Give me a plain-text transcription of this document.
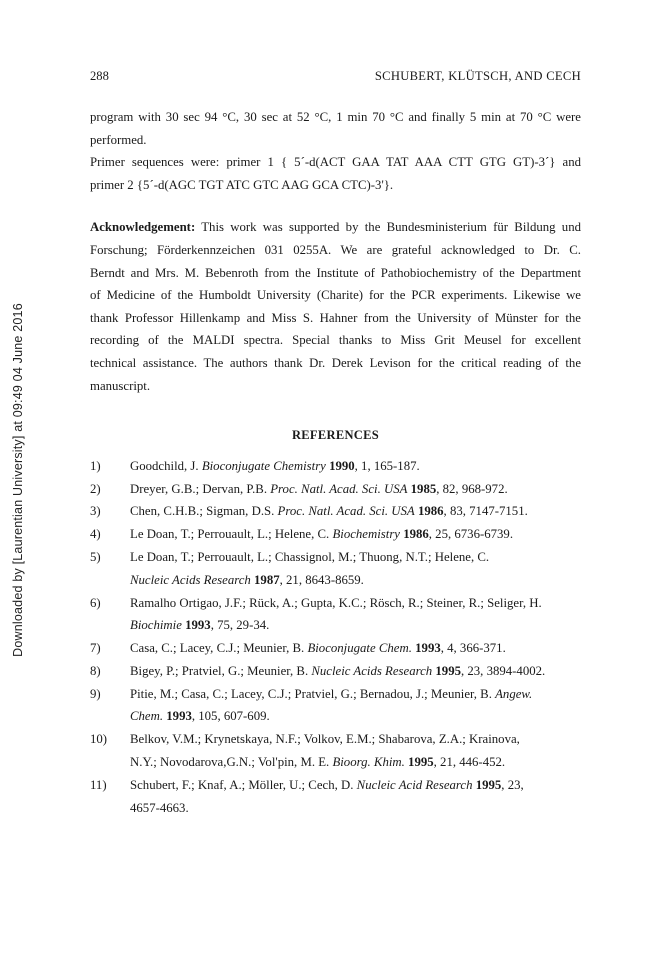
Downloaded by [Laurentian University] at 09:49 04 June 2016
288	SCHUBERT, KLÜTSCH, AND CECH
program with 30 sec 94 °C, 30 sec at 52 °C, 1 min 70 °C and finally 5 min at 70 °C were
performed.
Primer sequences were: primer 1 { 5´-d(ACT GAA TAT AAA CTT GTG GT)-3´} and
primer 2 {5´-d(AGC TGT ATC GTC AAG GCA CTC)-3'}.
Acknowledgement: This work was supported by the Bundesministerium für Bildung und
Forschung; Förderkennzeichen 031 0255A. We are grateful acknowledged to Dr. C.
Berndt and Mrs. M. Bebenroth from the Institute of Pathobiochemistry of the Department
of Medicine of the Humboldt University (Charite) for the PCR experiments. Likewise we
thank Professor Hillenkamp and Miss S. Hahner from the University of Münster for the
recording of the MALDI spectra. Special thanks to Miss Grit Meusel for excellent
technical assistance. The authors thank Dr. Derek Levison for the critical reading of the
manuscript.
REFERENCES
1)	Goodchild, J. Bioconjugate Chemistry 1990, 1, 165-187.
2)	Dreyer, G.B.; Dervan, P.B. Proc. Natl. Acad. Sci. USA 1985, 82, 968-972.
3)	Chen, C.H.B.; Sigman, D.S. Proc. Natl. Acad. Sci. USA 1986, 83, 7147-7151.
4)	Le Doan, T.; Perrouault, L.; Helene, C. Biochemistry 1986, 25, 6736-6739.
5)	Le Doan, T.; Perrouault, L.; Chassignol, M.; Thuong, N.T.; Helene, C.
Nucleic Acids Research 1987, 21, 8643-8659.
6)	Ramalho Ortigao, J.F.; Rück, A.; Gupta, K.C.; Rösch, R.; Steiner, R.; Seliger, H.
Biochimie 1993, 75, 29-34.
7)	Casa, C.; Lacey, C.J.; Meunier, B. Bioconjugate Chem. 1993, 4, 366-371.
8)	Bigey, P.; Pratviel, G.; Meunier, B. Nucleic Acids Research 1995, 23, 3894-4002.
9)	Pitie, M.; Casa, C.; Lacey, C.J.; Pratviel, G.; Bernadou, J.; Meunier, B. Angew.
Chem. 1993, 105, 607-609.
10)	Belkov, V.M.; Krynetskaya, N.F.; Volkov, E.M.; Shabarova, Z.A.; Krainova,
N.Y.; Novodarova,G.N.; Vol'pin, M. E. Bioorg. Khim. 1995, 21, 446-452.
11)	Schubert, F.; Knaf, A.; Möller, U.; Cech, D. Nucleic Acid Research 1995, 23,
4657-4663.
